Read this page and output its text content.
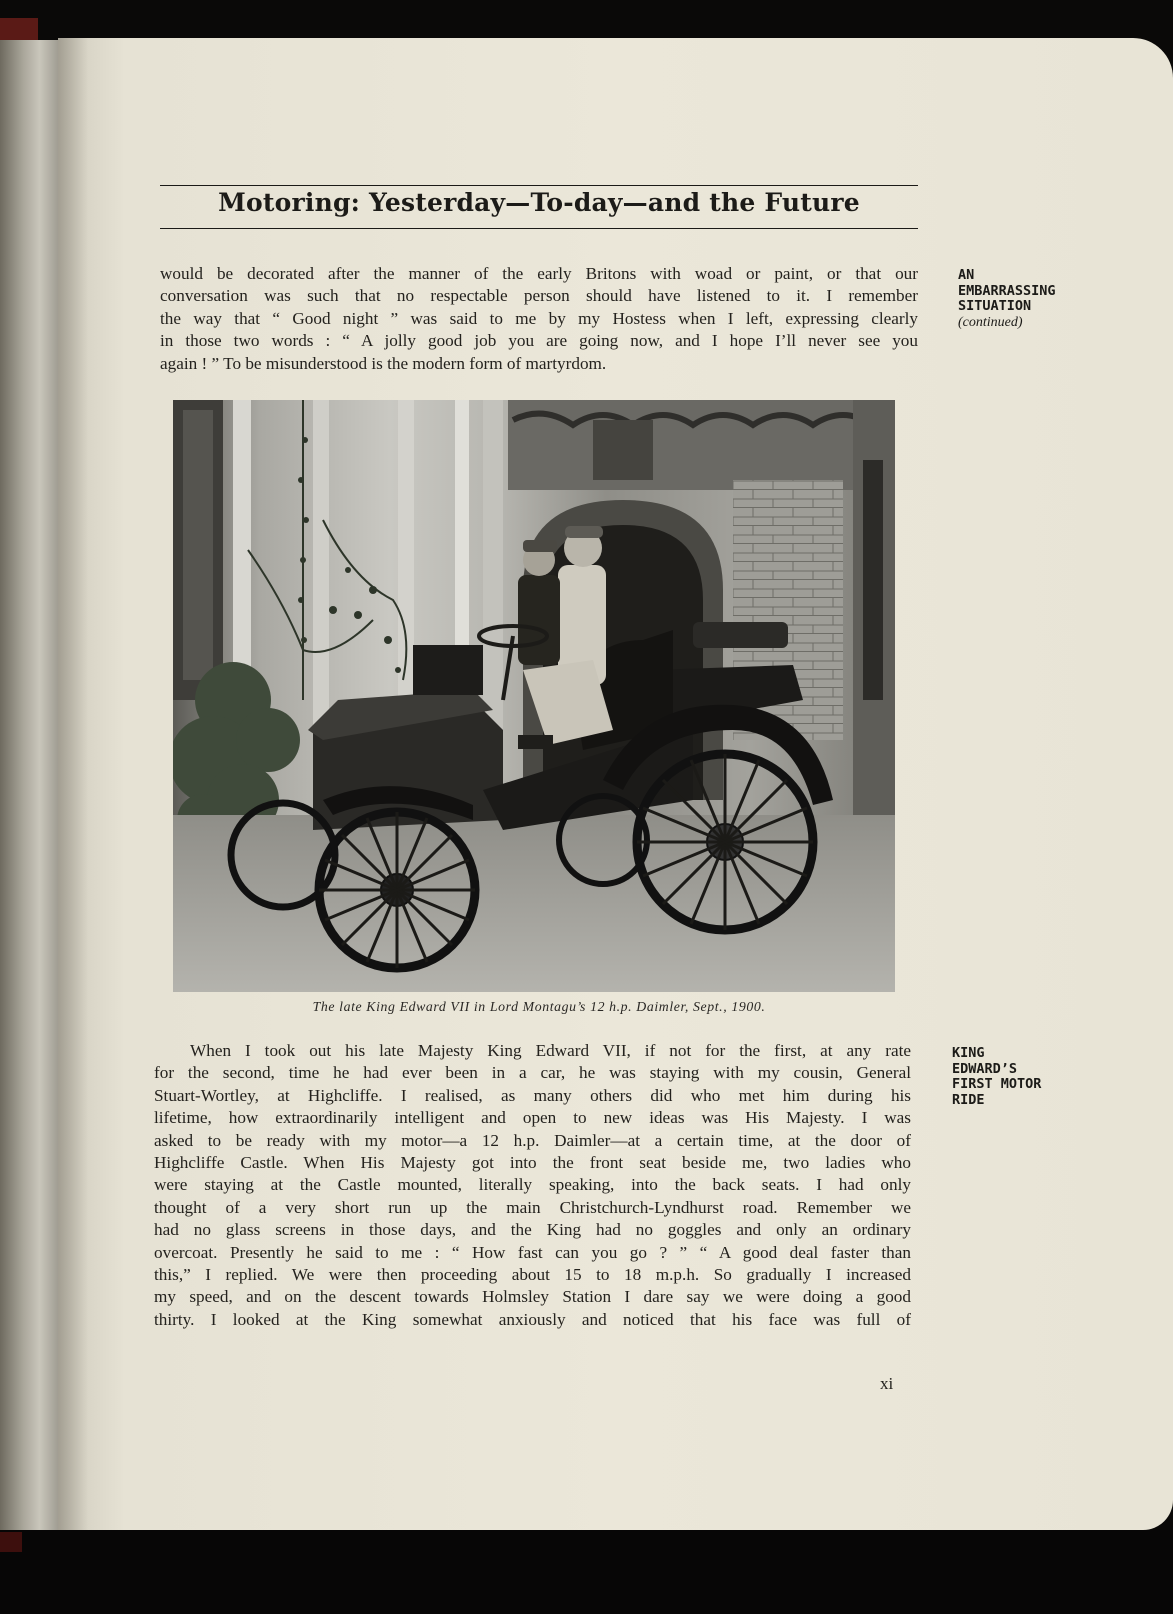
Motoring: Yesterday—To-day—and the Future
would be decorated after the manner of the early Britons with woad or paint, or that our
conversation was such that no respectable person should have listened to it. I remember
the way that “ Good night ” was said to me by my Hostess when I left, expressing clearly
in those two words : “ A jolly good job you are going now, and I hope I’ll never see you
again ! ” To be misunderstood is the modern form of martyrdom.
AN
EMBARRASSING
SITUATION
(continued)

The late King Edward VII in Lord Montagu’s 12 h.p. Daimler, Sept., 1900.

When I took out his late Majesty King Edward VII, if not for the first, at any rate
for the second, time he had ever been in a car, he was staying with my cousin, General
Stuart-Wortley, at Highcliffe. I realised, as many others did who met him during his
lifetime, how extraordinarily intelligent and open to new ideas was His Majesty. I was
asked to be ready with my motor—a 12 h.p. Daimler—at a certain time, at the door of
Highcliffe Castle. When His Majesty got into the front seat beside me, two ladies who
were staying at the Castle mounted, literally speaking, into the back seats. I had only
thought of a very short run up the main Christchurch-Lyndhurst road. Remember we
had no glass screens in those days, and the King had no goggles and only an ordinary
overcoat. Presently he said to me : “ How fast can you go ? ” “ A good deal faster than
this,” I replied. We were then proceeding about 15 to 18 m.p.h. So gradually I increased
my speed, and on the descent towards Holmsley Station I dare say we were doing a good
thirty. I looked at the King somewhat anxiously and noticed that his face was full of
KING
EDWARD’S
FIRST MOTOR
RIDE
xi
